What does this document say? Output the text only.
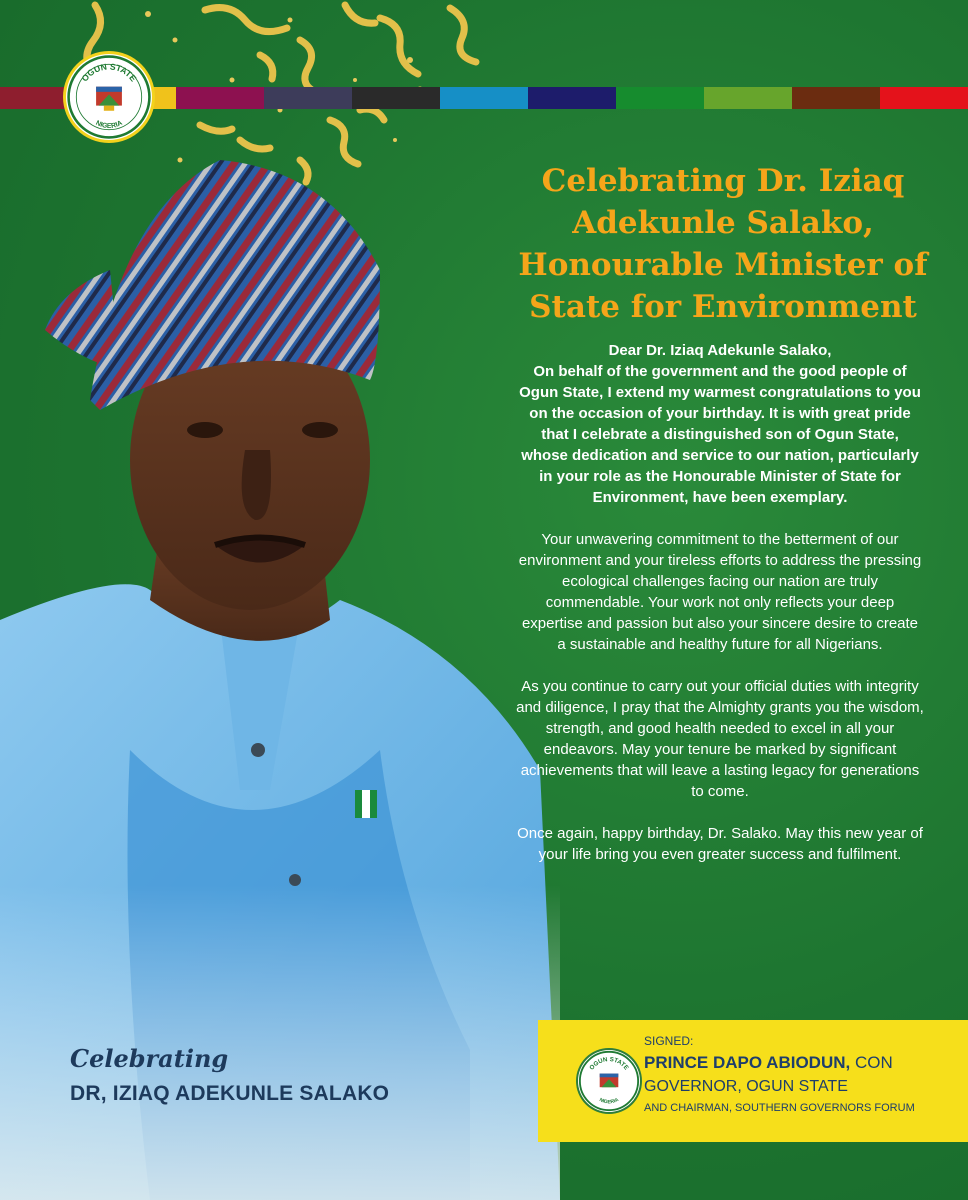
OGUN STATE
NIGERIA
Celebrating Dr. Iziaq
Adekunle Salako,
Honourable Minister of
State for Environment

Dear Dr. Iziaq Adekunle Salako,
On behalf of the government and the good people of Ogun State, I extend my warmest congratulations to you on the occasion of your birthday. It is with great pride that I celebrate a distinguished son of Ogun State, whose dedication and service to our nation, particularly in your role as the Honourable Minister of State for Environment, have been exemplary.

Your unwavering commitment to the betterment of our environment and your tireless efforts to address the pressing ecological challenges facing our nation are truly commendable. Your work not only reflects your deep expertise and passion but also your sincere desire to create a sustainable and healthy future for all Nigerians.

As you continue to carry out your official duties with integrity and diligence, I pray that the Almighty grants you the wisdom, strength, and good health needed to excel in all your endeavors. May your tenure be marked by significant achievements that will leave a lasting legacy for generations to come.

Once again, happy birthday, Dr. Salako. May this new year of your life bring you even greater success and fulfilment.

Celebrating
DR, IZIAQ ADEKUNLE SALAKO
OGUN STATE
NIGERIA
SIGNED:
PRINCE DAPO ABIODUN, CON
GOVERNOR, OGUN STATE
AND CHAIRMAN, SOUTHERN GOVERNORS FORUM
